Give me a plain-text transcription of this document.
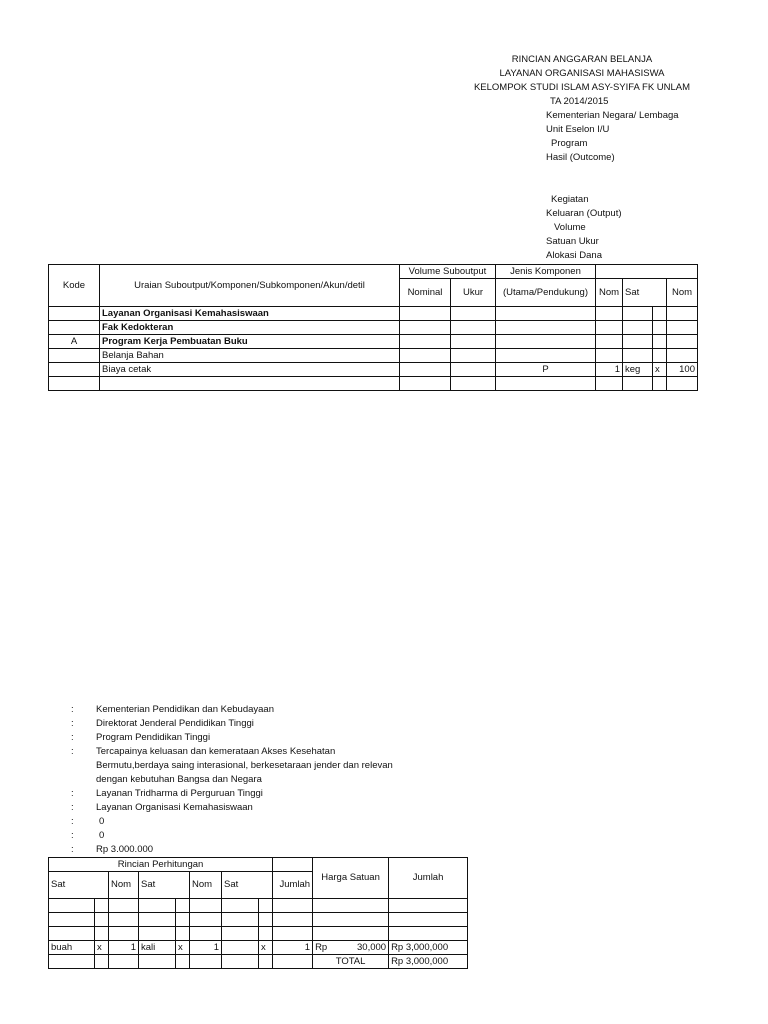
RINCIAN ANGGARAN BELANJA
LAYANAN ORGANISASI MAHASISWA
KELOMPOK STUDI ISLAM ASY-SYIFA FK UNLAM
TA 2014/2015
Kementerian Negara/ Lembaga
Unit Eselon I/U
Program
Hasil (Outcome)
Kegiatan
Keluaran (Output)
Volume
Satuan Ukur
Alokasi Dana
Kode	Uraian Suboutput/Komponen/Subkomponen/Akun/detil	Volume Suboutput		Jenis Komponen				
		Nominal	Ukur	(Utama/Pendukung)	Nom	Sat		Nom
	Layanan Organisasi Kemahasiswaan							
	Fak Kedokteran							
A	Program Kerja Pembuatan Buku							
	Belanja Bahan							
	Biaya cetak			P	1	keg	x	100

: Kementerian Pendidikan dan Kebudayaan
: Direktorat Jenderal Pendidikan Tinggi
: Program Pendidikan Tinggi
: Tercapainya keluasan dan kemerataan Akses Kesehatan
Bermutu,berdaya saing interasional, berkesetaraan jender dan relevan
dengan kebutuhan Bangsa dan Negara
: Layanan Tridharma di Perguruan Tinggi
: Layanan Organisasi Kemahasiswaan
:	0
:	0
: Rp 3.000.000
Rincian Perhitungan									Harga Satuan	Jumlah
Sat		Nom	Sat		Nom	Sat		Jumlah		

buah	x	1	kali	x	1		x	1	Rp 30,000	Rp 3,000,000
									TOTAL	Rp 3,000,000
